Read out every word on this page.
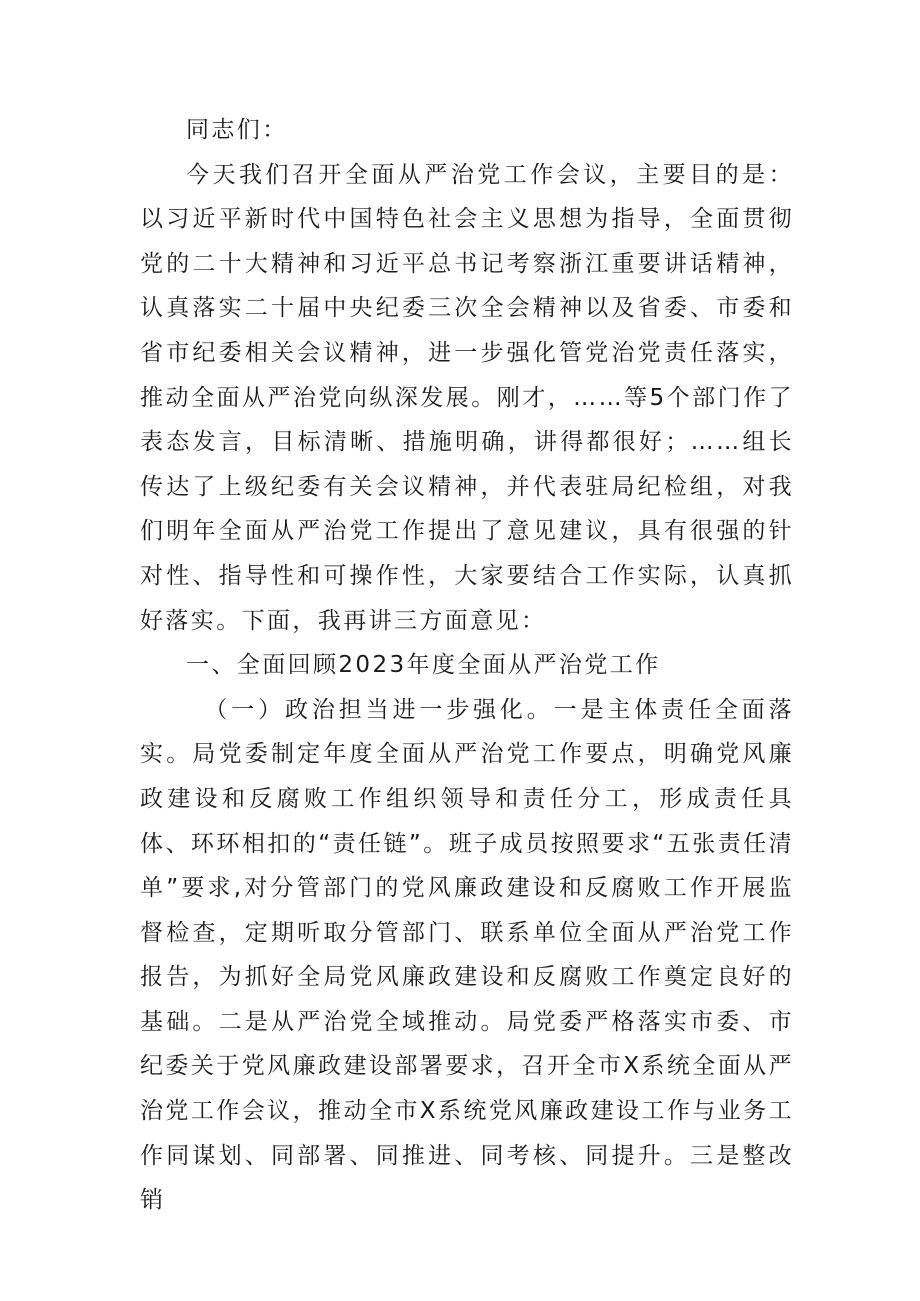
同志们：

今天我们召开全面从严治党工作会议，主要目的是：以习近平新时代中国特色社会主义思想为指导，全面贯彻党的二十大精神和习近平总书记考察浙江重要讲话精神，认真落实二十届中央纪委三次全会精神以及省委、市委和省市纪委相关会议精神，进一步强化管党治党责任落实，推动全面从严治党向纵深发展。刚才，……等5个部门作了表态发言，目标清晰、措施明确，讲得都很好；……组长传达了上级纪委有关会议精神，并代表驻局纪检组，对我们明年全面从严治党工作提出了意见建议，具有很强的针对性、指导性和可操作性，大家要结合工作实际，认真抓好落实。下面，我再讲三方面意见：

一、全面回顾2023年度全面从严治党工作

（一）政治担当进一步强化。一是主体责任全面落实。局党委制定年度全面从严治党工作要点，明确党风廉政建设和反腐败工作组织领导和责任分工，形成责任具体、环环相扣的“责任链”。班子成员按照要求“五张责任清单”要求,对分管部门的党风廉政建设和反腐败工作开展监督检查，定期听取分管部门、联系单位全面从严治党工作报告，为抓好全局党风廉政建设和反腐败工作奠定良好的基础。二是从严治党全域推动。局党委严格落实市委、市纪委关于党风廉政建设部署要求，召开全市X系统全面从严治党工作会议，推动全市X系统党风廉政建设工作与业务工作同谋划、同部署、同推进、同考核、同提升。三是整改销
